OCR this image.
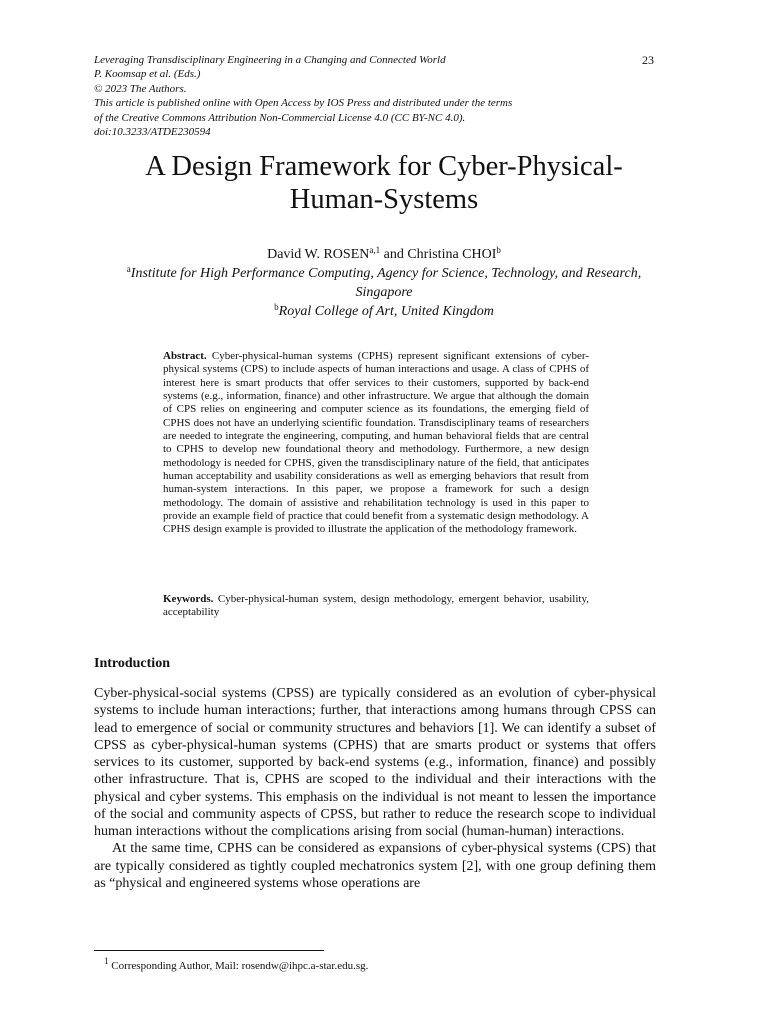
Leveraging Transdisciplinary Engineering in a Changing and Connected World
P. Koomsap et al. (Eds.)
© 2023 The Authors.
This article is published online with Open Access by IOS Press and distributed under the terms
of the Creative Commons Attribution Non-Commercial License 4.0 (CC BY-NC 4.0).
doi:10.3233/ATDE230594
23
A Design Framework for Cyber-Physical-
Human-Systems
David W. ROSEN$^{a,1}$ and Christina CHOI$^b$
$^a$Institute for High Performance Computing, Agency for Science, Technology, and Research, Singapore
$^b$Royal College of Art, United Kingdom
Abstract. Cyber-physical-human systems (CPHS) represent significant extensions of cyber-physical systems (CPS) to include aspects of human interactions and usage. A class of CPHS of interest here is smart products that offer services to their customers, supported by back-end systems (e.g., information, finance) and other infrastructure. We argue that although the domain of CPS relies on engineering and computer science as its foundations, the emerging field of CPHS does not have an underlying scientific foundation. Transdisciplinary teams of researchers are needed to integrate the engineering, computing, and human behavioral fields that are central to CPHS to develop new foundational theory and methodology. Furthermore, a new design methodology is needed for CPHS, given the transdisciplinary nature of the field, that anticipates human acceptability and usability considerations as well as emerging behaviors that result from human-system interactions. In this paper, we propose a framework for such a design methodology. The domain of assistive and rehabilitation technology is used in this paper to provide an example field of practice that could benefit from a systematic design methodology. A CPHS design example is provided to illustrate the application of the methodology framework.
Keywords. Cyber-physical-human system, design methodology, emergent behavior, usability, acceptability
Introduction

Cyber-physical-social systems (CPSS) are typically considered as an evolution of cyber-physical systems to include human interactions; further, that interactions among humans through CPSS can lead to emergence of social or community structures and behaviors [1]. We can identify a subset of CPSS as cyber-physical-human systems (CPHS) that are smarts product or systems that offers services to its customer, supported by back-end systems (e.g., information, finance) and possibly other infrastructure. That is, CPHS are scoped to the individual and their interactions with the physical and cyber systems. This emphasis on the individual is not meant to lessen the importance of the social and community aspects of CPSS, but rather to reduce the research scope to individual human interactions without the complications arising from social (human-human) interactions.

At the same time, CPHS can be considered as expansions of cyber-physical systems (CPS) that are typically considered as tightly coupled mechatronics system [2], with one group defining them as “physical and engineered systems whose operations are

$^1$ Corresponding Author, Mail: rosendw@ihpc.a-star.edu.sg.
